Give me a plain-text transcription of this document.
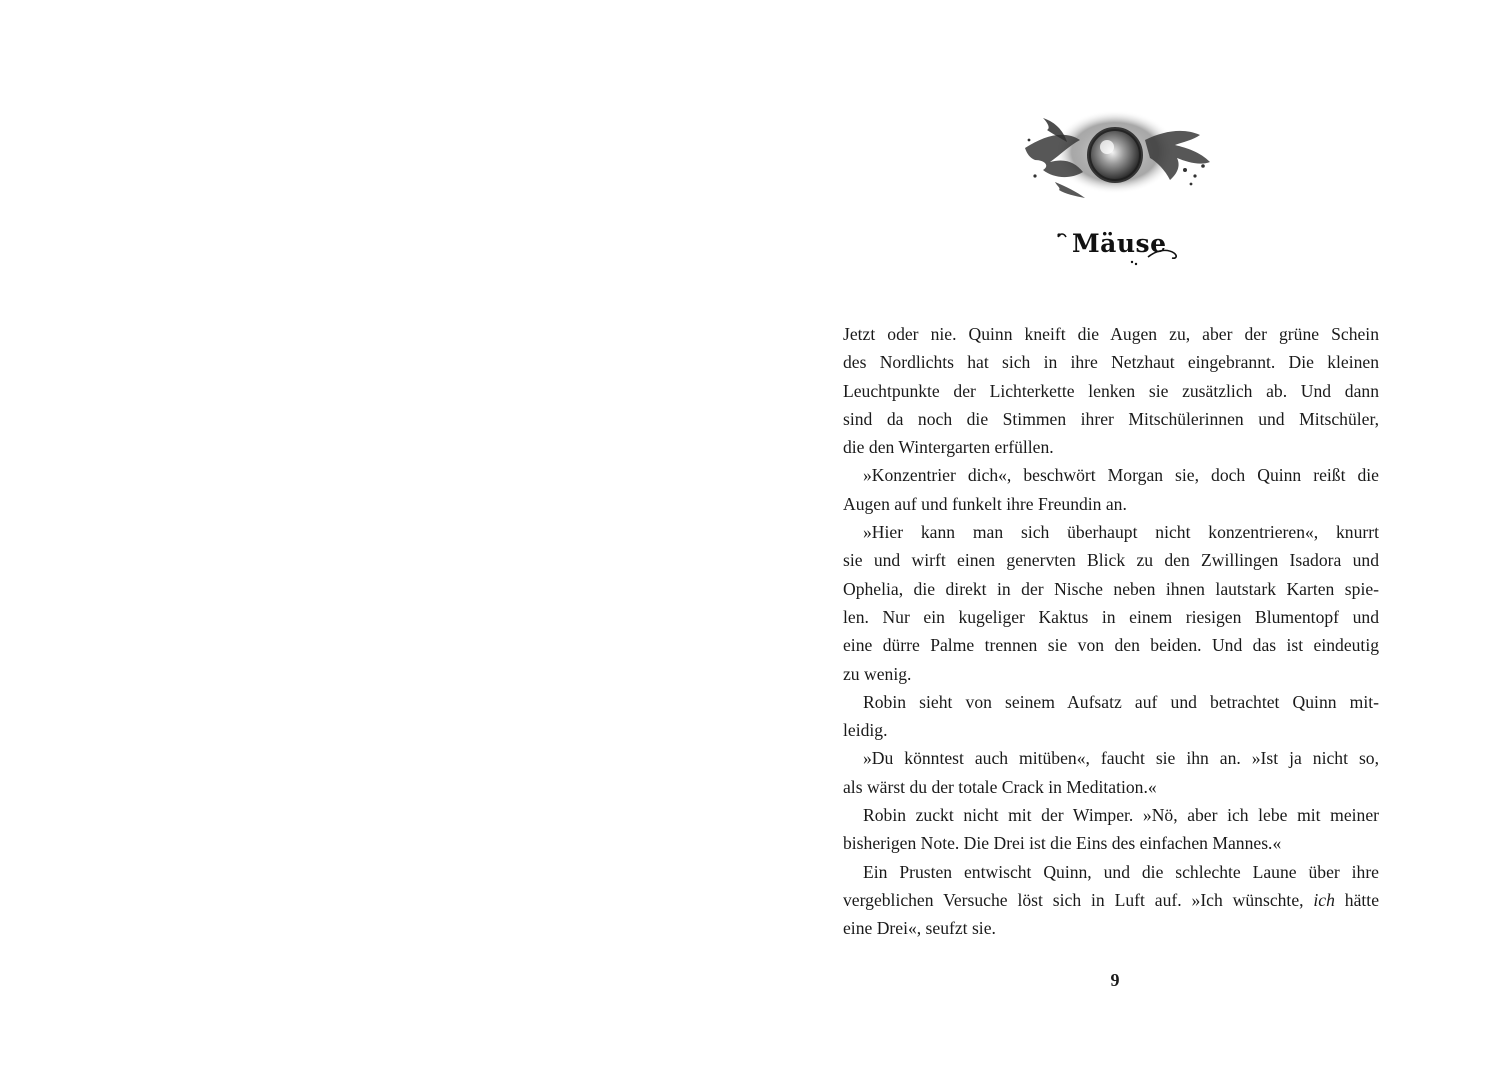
Mäuse

Jetzt oder nie. Quinn kneift die Augen zu, aber der grüne Schein
des Nordlichts hat sich in ihre Netzhaut eingebrannt. Die kleinen
Leuchtpunkte der Lichterkette lenken sie zusätzlich ab. Und dann
sind da noch die Stimmen ihrer Mitschülerinnen und Mitschüler,
die den Wintergarten erfüllen.

»Konzentrier dich«, beschwört Morgan sie, doch Quinn reißt die
Augen auf und funkelt ihre Freundin an.

»Hier kann man sich überhaupt nicht konzentrieren«, knurrt
sie und wirft einen genervten Blick zu den Zwillingen Isadora und
Ophelia, die direkt in der Nische neben ihnen lautstark Karten spie-
len. Nur ein kugeliger Kaktus in einem riesigen Blumentopf und
eine dürre Palme trennen sie von den beiden. Und das ist eindeutig
zu wenig.

Robin sieht von seinem Aufsatz auf und betrachtet Quinn mit-
leidig.

»Du könntest auch mitüben«, faucht sie ihn an. »Ist ja nicht so,
als wärst du der totale Crack in Meditation.«

Robin zuckt nicht mit der Wimper. »Nö, aber ich lebe mit meiner
bisherigen Note. Die Drei ist die Eins des einfachen Mannes.«

Ein Prusten entwischt Quinn, und die schlechte Laune über ihre
vergeblichen Versuche löst sich in Luft auf. »Ich wünschte, ich hätte
eine Drei«, seufzt sie.

9
